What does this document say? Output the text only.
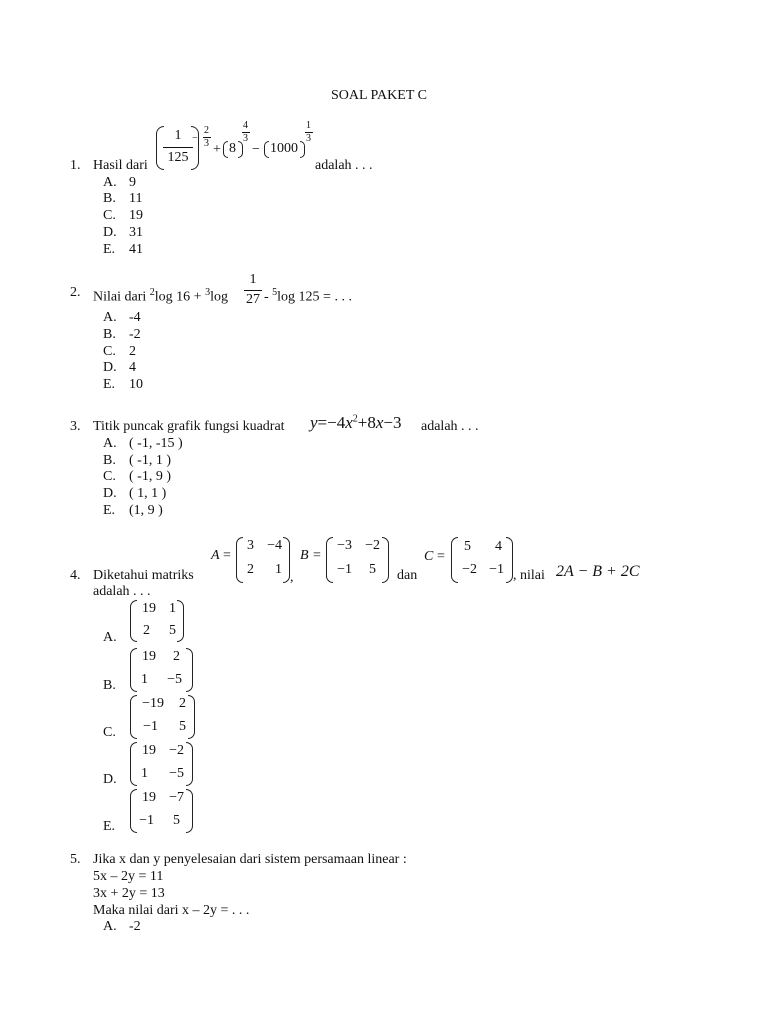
SOAL PAKET C
1. Hasil dari
1
125
−
2
3 + 8
4
3
− 1000
1
3
adalah . . .
A. 9
B. 11
C. 19
D. 31
E. 41
2. Nilai dari $^2$log 16 + $^3$log
1
27 - $^5$log 125 = . . .
A. -4
B. -2
C. 2
D. 4
E. 10
3. Titik puncak grafik fungsi kuadrat $y=-4x^2+8x-3$ adalah . . .
A. ( -1, -15 )
B. ( -1, 1 )
C. ( -1, 9 )
D. ( 1, 1 )
E. (1, 9 )
4. Diketahui matriks
adalah . . .
A =
3 −4
2	1
,
B =
−3 −2
−1	5 dan
C =
5	4
−2 −1 , nilai 2A − B + 2C
A.
19 1
2	5
B.
19	2
1	−5
C.
−19	2
−1	5
D.
19 −2
1	−5
E.
19 −7
−1	5
5. Jika x dan y penyelesaian dari sistem persamaan linear :
5x – 2y = 11
3x + 2y = 13
Maka nilai dari x – 2y = . . .
A. -2
